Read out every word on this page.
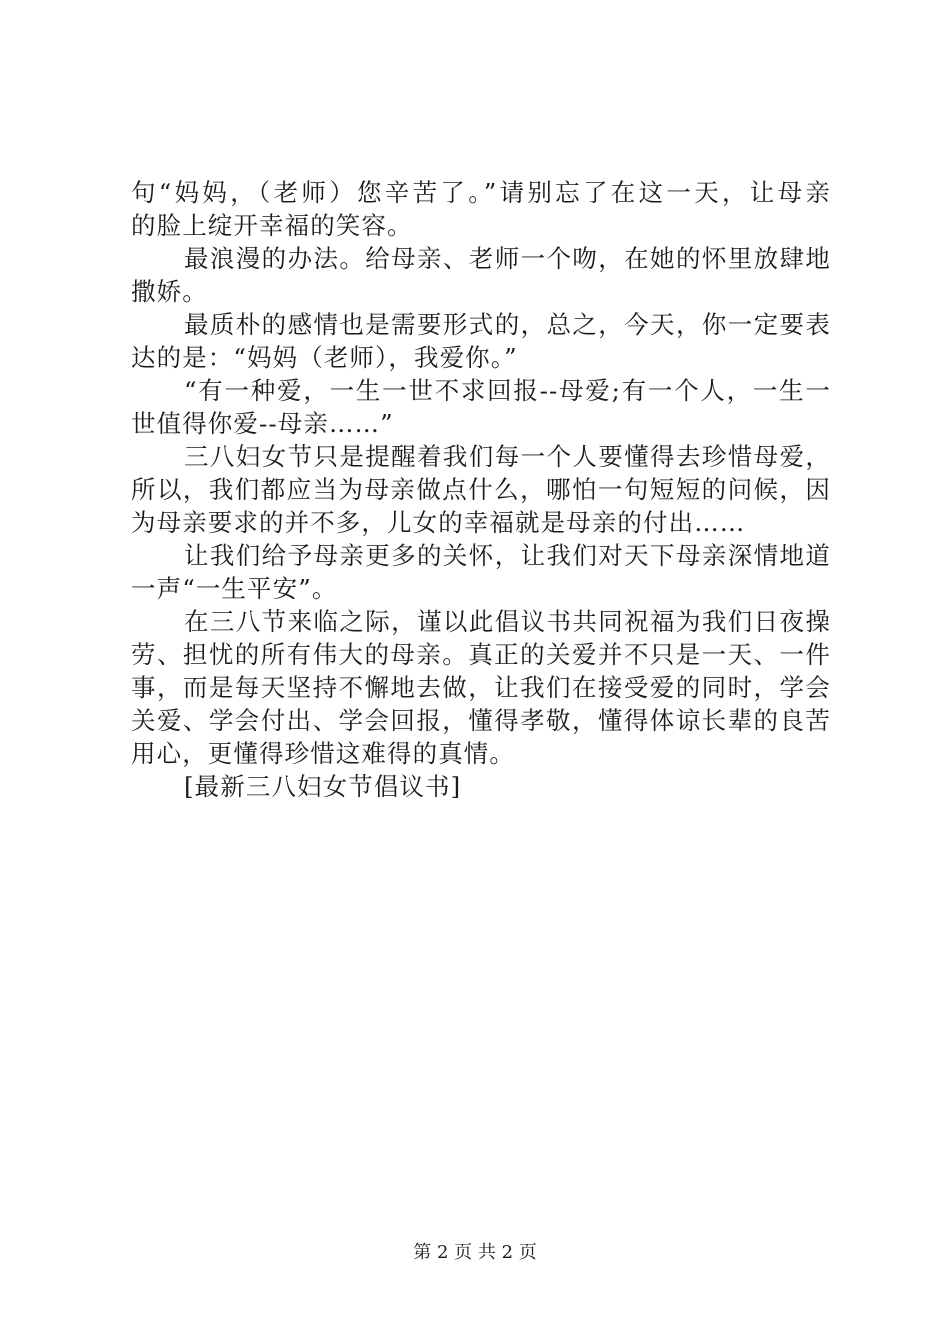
句“妈妈，（老师）您辛苦了。”请别忘了在这一天，让母亲
的脸上绽开幸福的笑容。
最浪漫的办法。给母亲、老师一个吻，在她的怀里放肆地
撒娇。
最质朴的感情也是需要形式的，总之，今天，你一定要表
达的是：“妈妈（老师），我爱你。”
“有一种爱，一生一世不求回报--母爱;有一个人，一生一
世值得你爱--母亲……”
三八妇女节只是提醒着我们每一个人要懂得去珍惜母爱，
所以，我们都应当为母亲做点什么，哪怕一句短短的问候，因
为母亲要求的并不多，儿女的幸福就是母亲的付出……
让我们给予母亲更多的关怀，让我们对天下母亲深情地道
一声“一生平安”。
在三八节来临之际，谨以此倡议书共同祝福为我们日夜操
劳、担忧的所有伟大的母亲。真正的关爱并不只是一天、一件
事，而是每天坚持不懈地去做，让我们在接受爱的同时，学会
关爱、学会付出、学会回报，懂得孝敬，懂得体谅长辈的良苦
用心，更懂得珍惜这难得的真情。
[最新三八妇女节倡议书]
第 2 页 共 2 页
